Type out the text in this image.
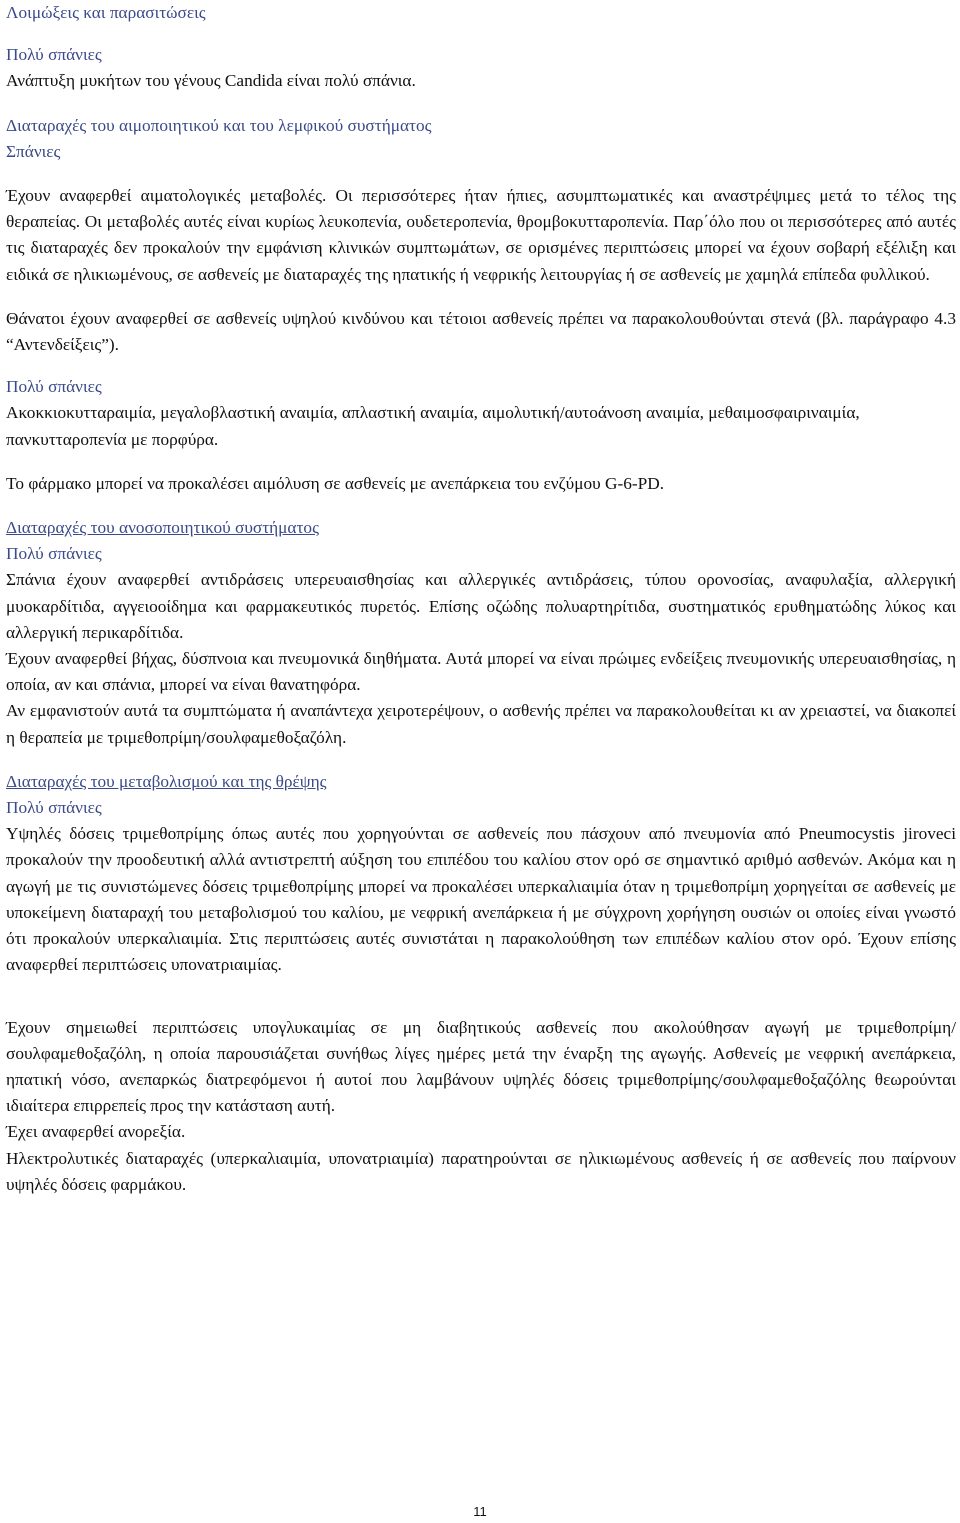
Λοιμώξεις και παρασιτώσεις

Πολύ σπάνιες

Ανάπτυξη μυκήτων του γένους Candida είναι πολύ σπάνια.

Διαταραχές του αιμοποιητικού και του λεμφικού συστήματος

Σπάνιες

Έχουν αναφερθεί αιματολογικές μεταβολές. Οι περισσότερες ήταν ήπιες, ασυμπτωματικές και αναστρέψιμες μετά το τέλος της θεραπείας. Οι μεταβολές αυτές είναι κυρίως λευκοπενία, ουδετεροπενία, θρομβοκυτταροπενία. Παρ΄όλο που οι περισσότερες από αυτές τις διαταραχές δεν προκαλούν την εμφάνιση κλινικών συμπτωμάτων, σε ορισμένες περιπτώσεις μπορεί να έχουν σοβαρή εξέλιξη και ειδικά σε ηλικιωμένους, σε ασθενείς με διαταραχές της ηπατικής ή νεφρικής λειτουργίας ή σε ασθενείς με χαμηλά επίπεδα φυλλικού.

Θάνατοι έχουν αναφερθεί σε ασθενείς υψηλού κινδύνου και τέτοιοι ασθενείς πρέπει να παρακολουθούνται στενά (βλ. παράγραφο 4.3 “Αντενδείξεις”).

Πολύ σπάνιες

Ακοκκιοκυτταραιμία, μεγαλοβλαστική αναιμία, απλαστική αναιμία, αιμολυτική/αυτοάνοση αναιμία, μεθαιμοσφαιριναιμία, πανκυτταροπενία με πορφύρα.

Το φάρμακο μπορεί να προκαλέσει αιμόλυση σε ασθενείς με ανεπάρκεια του ενζύμου G-6-PD.

Διαταραχές του ανοσοποιητικού συστήματος

Πολύ σπάνιες

Σπάνια έχουν αναφερθεί αντιδράσεις υπερευαισθησίας και αλλεργικές αντιδράσεις, τύπου ορονοσίας, αναφυλαξία, αλλεργική μυοκαρδίτιδα, αγγειοοίδημα και φαρμακευτικός πυρετός. Επίσης οζώδης πολυαρτηρίτιδα, συστηματικός ερυθηματώδης λύκος και αλλεργική περικαρδίτιδα.

Έχουν αναφερθεί βήχας, δύσπνοια και πνευμονικά διηθήματα. Αυτά μπορεί να είναι πρώιμες ενδείξεις πνευμονικής υπερευαισθησίας, η οποία, αν και σπάνια, μπορεί να είναι θανατηφόρα.

Αν εμφανιστούν αυτά τα συμπτώματα ή αναπάντεχα χειροτερέψουν, ο ασθενής πρέπει να παρακολουθείται κι αν χρειαστεί, να διακοπεί η θεραπεία με τριμεθοπρίμη/σουλφαμεθοξαζόλη.

Διαταραχές του μεταβολισμού και της θρέψης

Πολύ σπάνιες

Υψηλές δόσεις τριμεθοπρίμης όπως αυτές που χορηγούνται σε ασθενείς που πάσχουν από πνευμονία από Pneumocystis jiroveci προκαλούν την προοδευτική αλλά αντιστρεπτή αύξηση του επιπέδου του καλίου στον ορό σε σημαντικό αριθμό ασθενών. Ακόμα και η αγωγή με τις συνιστώμενες δόσεις τριμεθοπρίμης μπορεί να προκαλέσει υπερκαλιαιμία όταν η τριμεθοπρίμη χορηγείται σε ασθενείς με υποκείμενη διαταραχή του μεταβολισμού του καλίου, με νεφρική ανεπάρκεια ή με σύγχρονη χορήγηση ουσιών οι οποίες είναι γνωστό ότι προκαλούν υπερκαλιαιμία. Στις περιπτώσεις αυτές συνιστάται η παρακολούθηση των επιπέδων καλίου στον ορό. Έχουν επίσης αναφερθεί περιπτώσεις υπονατριαιμίας.

Έχουν σημειωθεί περιπτώσεις υπογλυκαιμίας σε μη διαβητικούς ασθενείς που ακολούθησαν αγωγή με τριμεθοπρίμη/σουλφαμεθοξαζόλη, η οποία παρουσιάζεται συνήθως λίγες ημέρες μετά την έναρξη της αγωγής. Ασθενείς με νεφρική ανεπάρκεια, ηπατική νόσο, ανεπαρκώς διατρεφόμενοι ή αυτοί που λαμβάνουν υψηλές δόσεις τριμεθοπρίμης/σουλφαμεθοξαζόλης θεωρούνται ιδιαίτερα επιρρεπείς προς την κατάσταση αυτή.

Έχει αναφερθεί ανορεξία.

Ηλεκτρολυτικές διαταραχές (υπερκαλιαιμία, υπονατριαιμία) παρατηρούνται σε ηλικιωμένους ασθενείς ή σε ασθενείς που παίρνουν υψηλές δόσεις φαρμάκου.

11
